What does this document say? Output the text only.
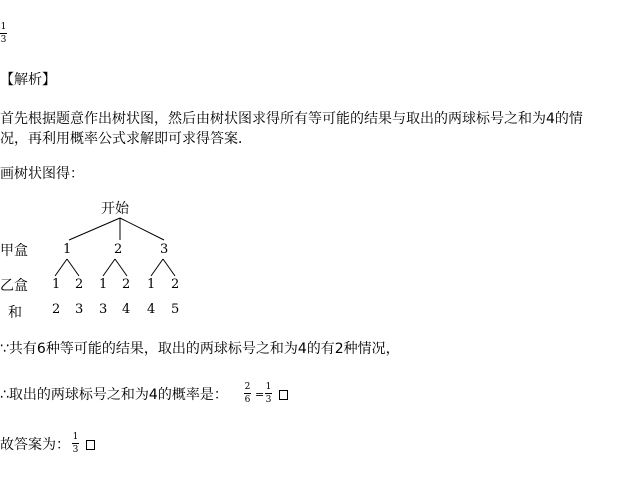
1
3
【解析】
首先根据题意作出树状图，然后由树状图求得所有等可能的结果与取出的两球标号之和为4的情
况，再利用概率公式求解即可求得答案．
画树状图得：
开始
甲盒	1	2	3
乙盒 1 2 1 2 1 2
和 2 3 3 4 4 5
∵共有6种等可能的结果，取出的两球标号之和为4的有2种情况，
∴取出的两球标号之和为4的概率是： 2
6 =
1
3
故答案为： 1
3
